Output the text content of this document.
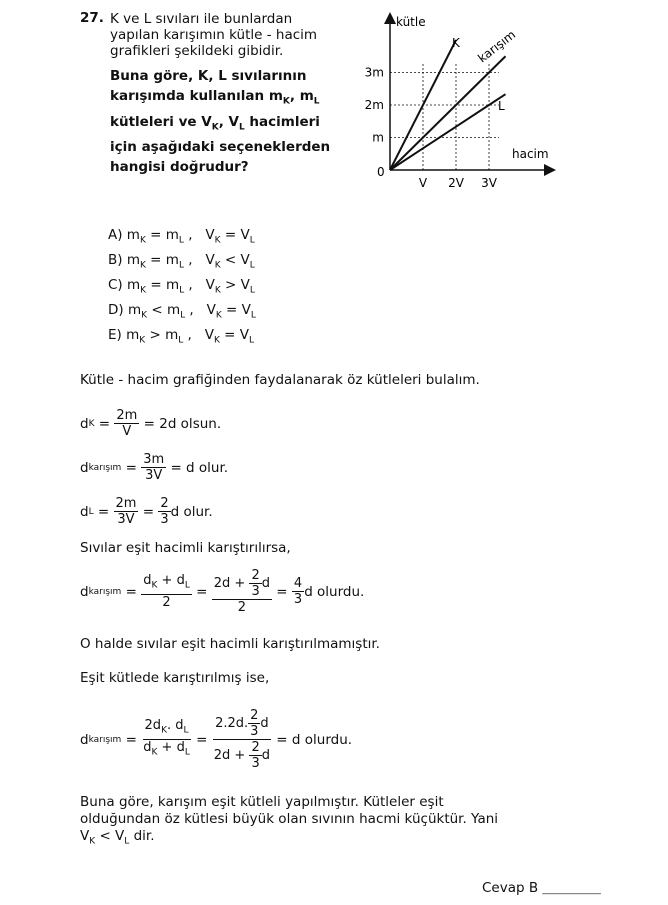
27. K ve L sıvıları ile bunlardan
yapılan karışımın kütle - hacim
grafikleri şekildeki gibidir.
Buna göre, K, L sıvılarının
karışımda kullanılan $m_K$, $m_L$
kütleleri ve $V_K$, $V_L$ hacimleri
için aşağıdaki seçeneklerden
hangisi doğrudur?
kütle
hacim
0
V 2V 3V
m
2m
3m
K karışım
L
A) $m_K = m_L$ ,   $V_K = V_L$
B) $m_K = m_L$ ,   $V_K < V_L$
C) $m_K = m_L$ ,   $V_K > V_L$
D) $m_K < m_L$ ,   $V_K = V_L$
E) $m_K > m_L$ ,   $V_K = V_L$
Kütle - hacim grafiğinden faydalanarak öz kütleleri bulalım.
d $K = \frac{2m}{V}$
= 2d olsun.
d karışım = $\frac{3m}{3V}$
= d olur.
d $L = \frac{2m}{3V} = \frac{2}{3}$ d olur.
Sıvılar eşit hacimli karıştırılırsa,
d karışım = $\frac{d_K + d_L}{2} = 2d$ +
$\frac{2}{3}$ d
$2 = \frac{4}{3}$ d olurdu.
O halde sıvılar eşit hacimli karıştırılmamıştır.
Eşit kütlede karıştırılmış ise,
d karışım = $\frac{2d_K. d_L}{d_K + d_L} = 2.2d$. $\frac{2}{3}$ d
2d +
$\frac{2}{3}$ d
= d olurdu.
Buna göre, karışım eşit kütleli yapılmıştır. Kütleler eşit
olduğundan öz kütlesi büyük olan sıvının hacmi küçüktür. Yani
$V_K < V_L$ dir.
Cevap B _____________
